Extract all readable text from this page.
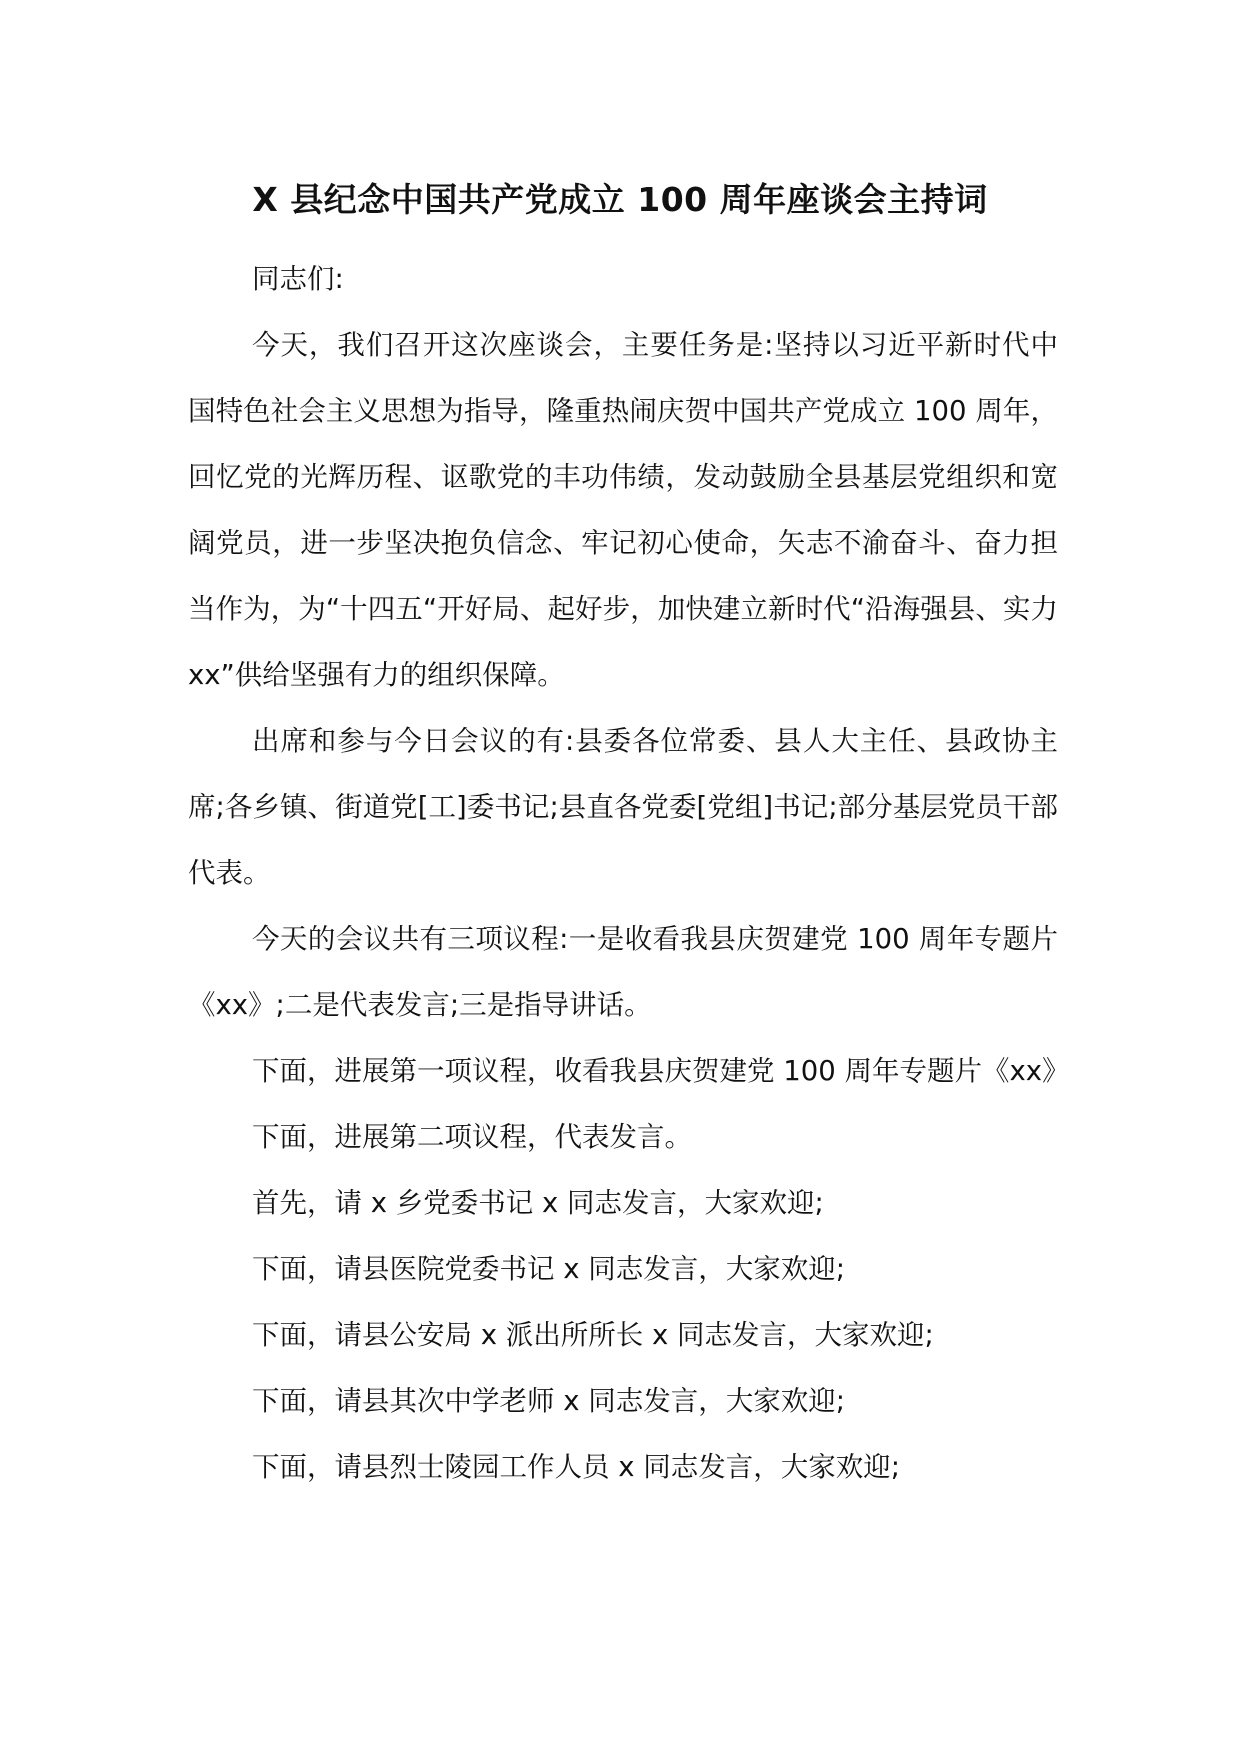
X 县纪念中国共产党成立 100 周年座谈会主持词

同志们:

今天，我们召开这次座谈会，主要任务是:坚持以习近平新时代中国特色社会主义思想为指导，隆重热闹庆贺中国共产党成立 100 周年，回忆党的光辉历程、讴歌党的丰功伟绩，发动鼓励全县基层党组织和宽阔党员，进一步坚决抱负信念、牢记初心使命，矢志不渝奋斗、奋力担当作为，为“十四五“开好局、起好步，加快建立新时代“沿海强县、实力 xx”供给坚强有力的组织保障。

出席和参与今日会议的有:县委各位常委、县人大主任、县政协主席;各乡镇、街道党[工]委书记;县直各党委[党组]书记;部分基层党员干部代表。

今天的会议共有三项议程:一是收看我县庆贺建党 100 周年专题片《xx》;二是代表发言;三是指导讲话。

下面，进展第一项议程，收看我县庆贺建党 100 周年专题片《xx》

下面，进展第二项议程，代表发言。

首先，请 x 乡党委书记 x 同志发言，大家欢迎;

下面，请县医院党委书记 x 同志发言，大家欢迎;

下面，请县公安局 x 派出所所长 x 同志发言，大家欢迎;

下面，请县其次中学老师 x 同志发言，大家欢迎;

下面，请县烈士陵园工作人员 x 同志发言，大家欢迎;
